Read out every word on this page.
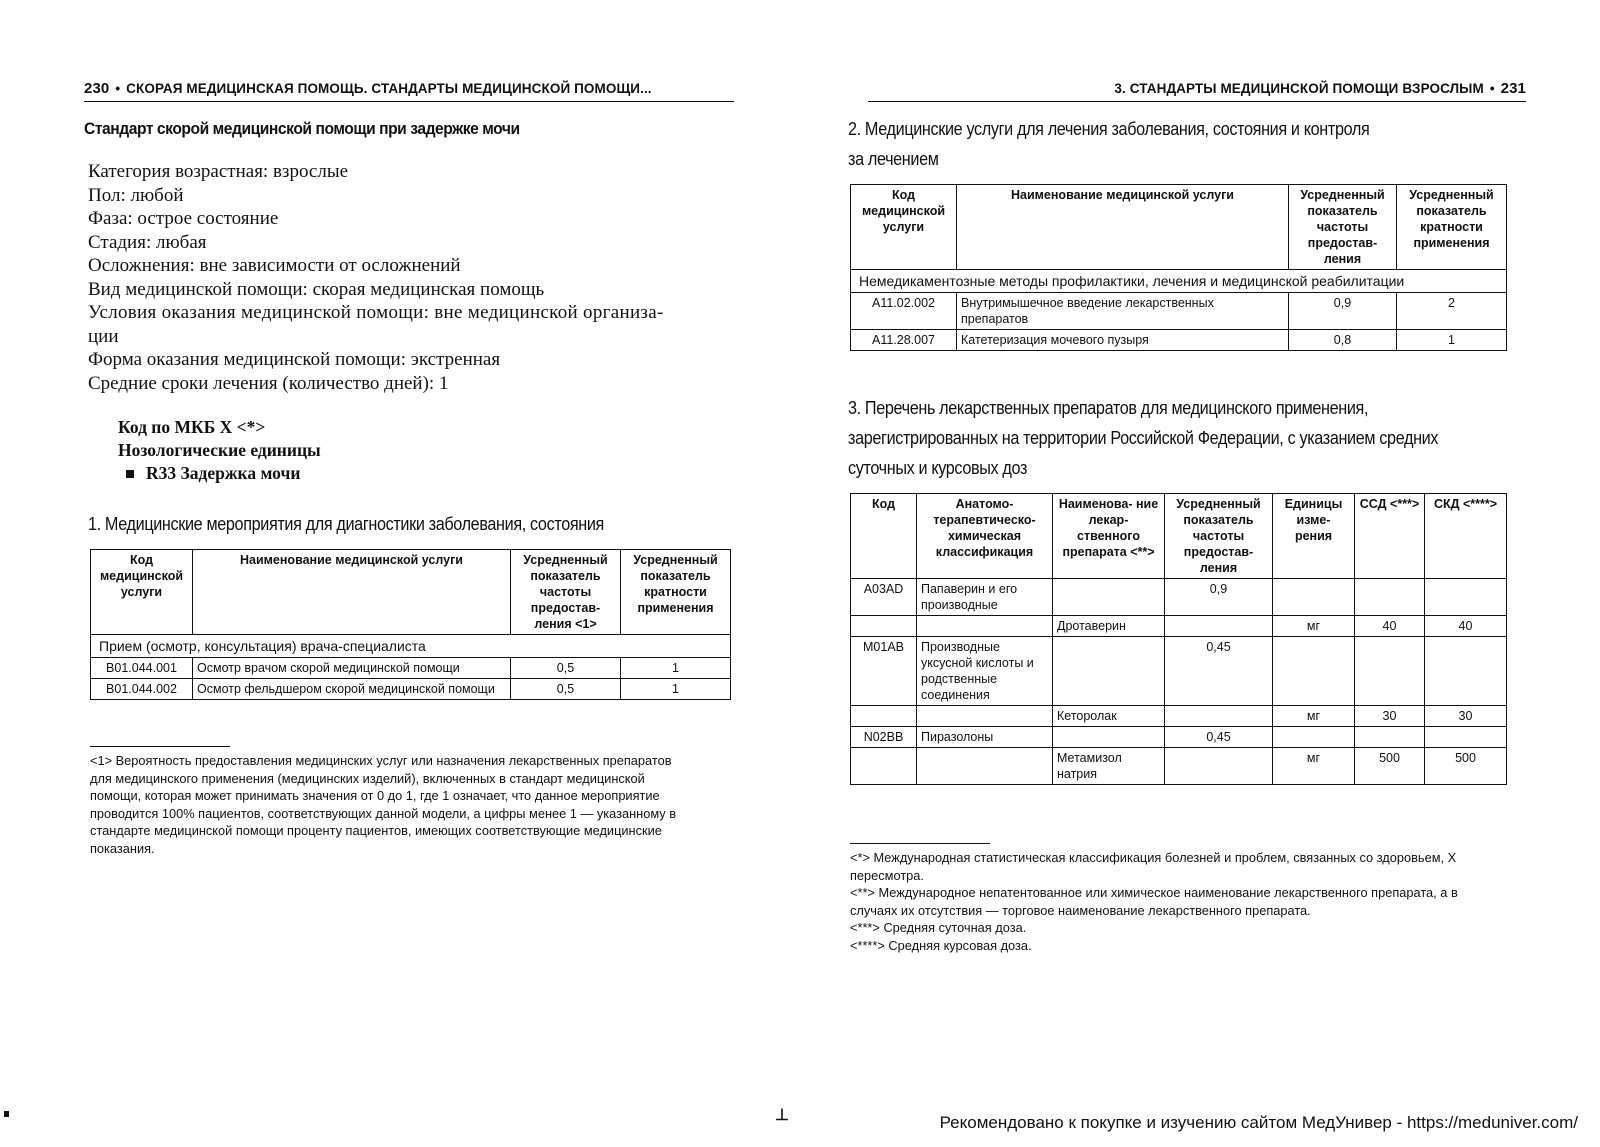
230 • СКОРАЯ МЕДИЦИНСКАЯ ПОМОЩЬ. СТАНДАРТЫ МЕДИЦИНСКОЙ ПОМОЩИ...
Стандарт скорой медицинской помощи при задержке мочи
Категория возрастная: взрослые
Пол: любой
Фаза: острое состояние
Стадия: любая
Осложнения: вне зависимости от осложнений
Вид медицинской помощи: скорая медицинская помощь
Условия оказания медицинской помощи: вне медицинской организа-
ции
Форма оказания медицинской помощи: экстренная
Средние сроки лечения (количество дней): 1
Код по МКБ X <*>
Нозологические единицы
R33 Задержка мочи
1. Медицинские мероприятия для диагностики заболевания, состояния
Код медицинской услуги	Наименование медицинской услуги	Усредненный показатель частоты предостав- ления <1>	Усредненный показатель кратности применения
Прием (осмотр, консультация) врача-специалиста			
B01.044.001	Осмотр врачом скорой медицинской помощи	0,5	1
B01.044.002	Осмотр фельдшером скорой медицинской помощи	0,5	1
<1> Вероятность предоставления медицинских услуг или назначения лекарственных препаратов для медицинского применения (медицинских изделий), включенных в стандарт медицинской помощи, которая может принимать значения от 0 до 1, где 1 означает, что данное мероприятие проводится 100% пациентов, соответствующих данной модели, а цифры менее 1 — указанному в стандарте медицинской помощи проценту пациентов, имеющих соответствующие медицинские показания.
3. СТАНДАРТЫ МЕДИЦИНСКОЙ ПОМОЩИ ВЗРОСЛЫМ • 231
2. Медицинские услуги для лечения заболевания, состояния и контроля
за лечением
Код медицинской услуги	Наименование медицинской услуги	Усредненный показатель частоты предостав- ления	Усредненный показатель кратности применения
Немедикаментозные методы профилактики, лечения и медицинской реабилитации			
A11.02.002	Внутримышечное введение лекарственных препаратов	0,9	2
A11.28.007	Катетеризация мочевого пузыря	0,8	1
3. Перечень лекарственных препаратов для медицинского применения,
зарегистрированных на территории Российской Федерации, с указанием средних
суточных и курсовых доз
Код	Анатомо- терапевтическо- химическая классификация	Наименова- ние лекар- ственного препарата <**>	Усредненный показатель частоты предостав- ления	Единицы изме- рения	ССД <***>	СКД <****>
A03AD	Папаверин и его производные		0,9			
		Дротаверин		мг	40	40
M01AB	Производные уксусной кислоты и родственные соединения		0,45			
		Кеторолак		мг	30	30
N02BB	Пиразолоны		0,45			
		Метамизол натрия		мг	500	500
<*> Международная статистическая классификация болезней и проблем, связанных со здоровьем, X пересмотра.
<**> Международное непатентованное или химическое наименование лекарственного препарата, а в случаях их отсутствия — торговое наименование лекарственного препарата.
<***> Средняя суточная доза.
<****> Средняя курсовая доза.
⊥	Рекомендовано к покупке и изучению сайтом МедУнивер - https://meduniver.com/
